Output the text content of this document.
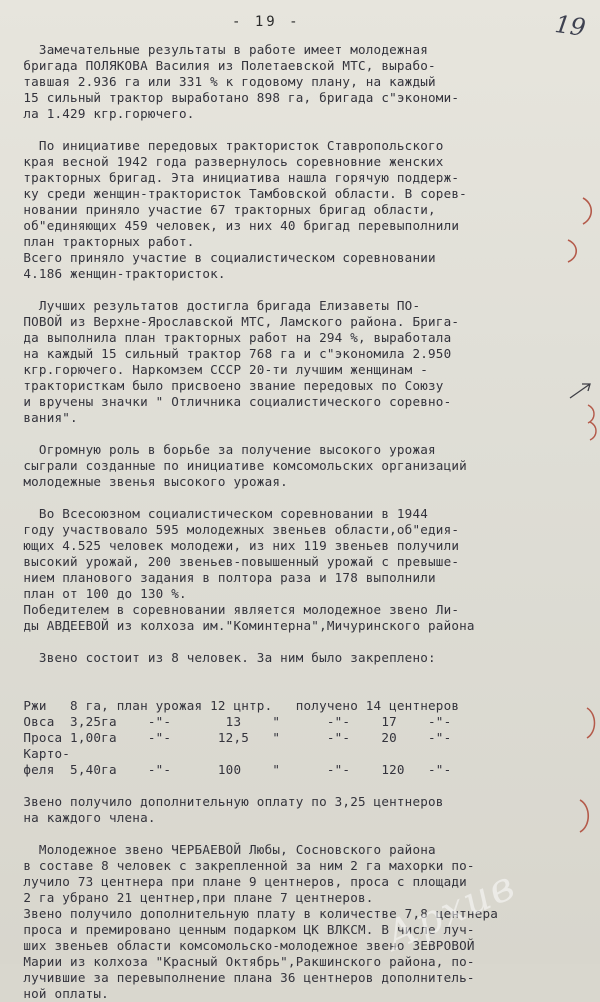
- 19 -	19
Замечательные результаты в работе имеет молодежная
бригада ПОЛЯКОВА Василия из Полетаевской МТС, вырабо-
тавшая 2.936 га или 331 % к годовому плану, на каждый
15 сильный трактор выработано 898 га, бригада с"экономи-
ла 1.429 кгр.горючего.
По инициативе передовых трактористок Ставропольского
края весной 1942 года развернулось соревновние женских
тракторных бригад. Эта инициатива нашла горячую поддерж-
ку среди женщин-трактористок Тамбовской области. В сорев-
новании приняло участие 67 тракторных бригад области,
об"единяющих 459 человек, из них 40 бригад перевыполнили
план тракторных работ.
Всего приняло участие в социалистическом соревновании
4.186 женщин-трактористок.
Лучших результатов достигла бригада Елизаветы ПО-
ПОВОЙ из Верхне-Ярославской МТС, Ламского района. Брига-
да выполнила план тракторных работ на 294 %, выработала
на каждый 15 сильный трактор 768 га и с"экономила 2.950
кгр.горючего. Наркомзем СССР 20-ти лучшим женщинам -
трактористкам было присвоено звание передовых по Союзу
и вручены значки " Отличника социалистического соревно-
вания".
Огромную роль в борьбе за получение высокого урожая
сыграли созданные по инициативе комсомольских организаций
молодежные звенья высокого урожая.
Во Всесоюзном социалистическом соревновании в 1944
году участвовало 595 молодежных звеньев области,об"едия-
ющих 4.525 человек молодежи, из них 119 звеньев получили
высокий урожай, 200 звеньев-повышенный урожай с превыше-
нием планового задания в полтора раза и 178 выполнили
план от 100 до 130 %.
Победителем в соревновании является молодежное звено Ли-
ды АВДЕЕВОЙ из колхоза им."Коминтерна",Мичуринского района
Звено состоит из 8 человек. За ним было закреплено:
Ржи   8 га, план урожая 12 цнтр.   получено 14 центнеров
Овса  3,25га    -"-       13    "      -"-    17    -"-
Проса 1,00га    -"-      12,5   "      -"-    20    -"-
Карто-
феля  5,40га    -"-      100    "      -"-    120   -"-
Звено получило дополнительную оплату по 3,25 центнеров
на каждого члена.
Молодежное звено ЧЕРБАЕВОЙ Любы, Сосновского района
в составе 8 человек с закрепленной за ним 2 га махорки по-
лучило 73 центнера при плане 9 центнеров, проса с площади
2 га убрано 21 центнер,при плане 7 центнеров.
Звено получило дополнительную плату в количестве 7,8 центнера
проса и премировано ценным подарком ЦК ВЛКСМ. В числе луч-
ших звеньев области комсомольско-молодежное звено ЗЕВРОВОЙ
Марии из колхоза "Красный Октябрь",Ракшинского района, по-
лучившие за перевыполнение плана 36 центнеров дополнитель-
ной оплаты.
Архив
